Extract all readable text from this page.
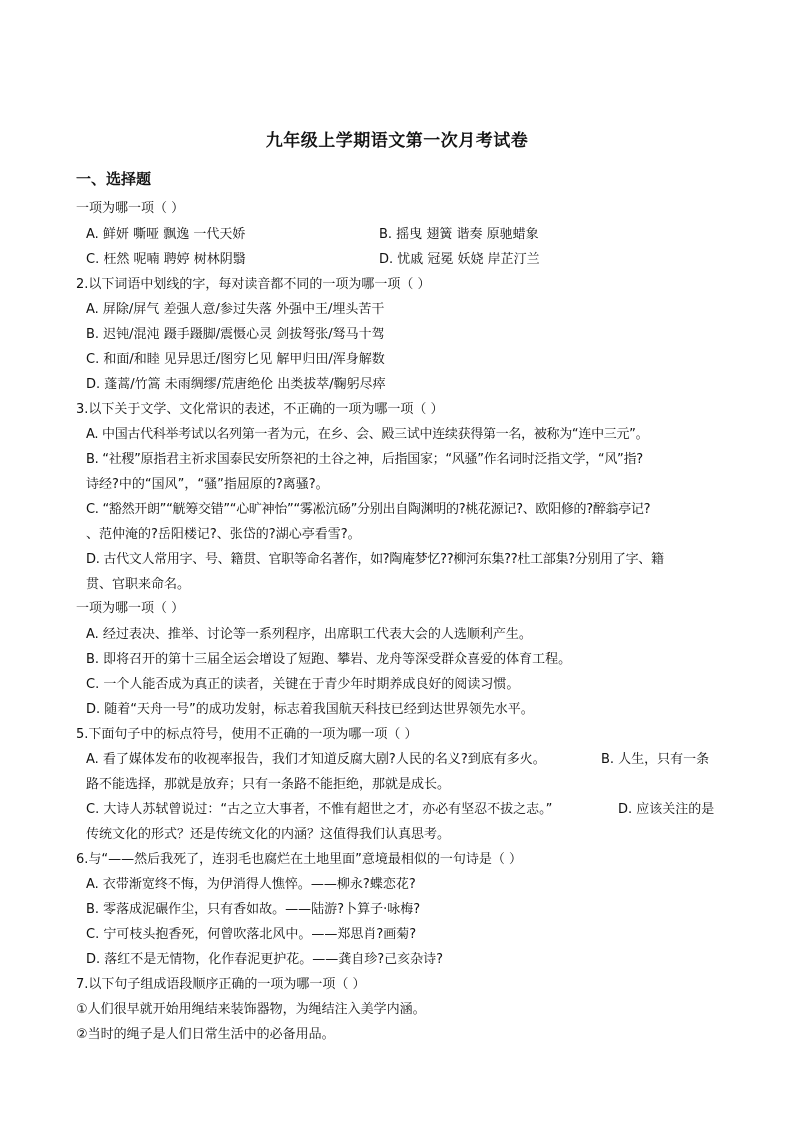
九年级上学期语文第一次月考试卷
一、选择题
一项为哪一项（ ）
A. 鲜妍 嘶哑 飘逸 一代天娇	B. 摇曳 翅簧 谐奏 原驰蜡象
C. 枉然 呢喃 聘婷 树林阴翳	D. 忧戚 冠冕 妖娆 岸芷汀兰
2.以下词语中划线的字，每对读音都不同的一项为哪一项（ ）
A. 屏除/屏气 差强人意/参过失落 外强中王/埋头苦干
B. 迟钝/混沌 蹑手蹑脚/震慑心灵 剑拔弩张/驽马十驾
C. 和面/和睦 见异思迁/图穷匕见 解甲归田/浑身解数
D. 蓬蒿/竹篙 未雨绸缪/荒唐绝伦 出类拔萃/鞠躬尽瘁
3.以下关于文学、文化常识的表述，不正确的一项为哪一项（ ）
A. 中国古代科举考试以名列第一者为元，在乡、会、殿三试中连续获得第一名，被称为“连中三元”。
B. “社稷”原指君主祈求国泰民安所祭祀的土谷之神，后指国家；“风骚”作名词时泛指文学，“风”指?
诗经?中的“国风”，“骚”指屈原的?离骚?。
C. “豁然开朗”“觥筹交错”“心旷神怡”“雾凇沆砀”分别出自陶渊明的?桃花源记?、欧阳修的?醉翁亭记?
、范仲淹的?岳阳楼记?、张岱的?湖心亭看雪?。
D. 古代文人常用字、号、籍贯、官职等命名著作，如?陶庵梦忆??柳河东集??杜工部集?分别用了字、籍
贯、官职来命名。
一项为哪一项（ ）
A. 经过表决、推举、讨论等一系列程序，出席职工代表大会的人选顺利产生。
B. 即将召开的第十三届全运会增设了短跑、攀岩、龙舟等深受群众喜爱的体育工程。
C. 一个人能否成为真正的读者，关键在于青少年时期养成良好的阅读习惯。
D. 随着“天舟一号”的成功发射，标志着我国航天科技已经到达世界领先水平。
5.下面句子中的标点符号，使用不正确的一项为哪一项（ ）
A. 看了媒体发布的收视率报告，我们才知道反腐大剧?人民的名义?到底有多火。	B. 人生，只有一条
路不能选择，那就是放弃；只有一条路不能拒绝，那就是成长。
C. 大诗人苏轼曾说过：“古之立大事者，不惟有超世之才，亦必有坚忍不拔之志。”	D. 应该关注的是
传统文化的形式？还是传统文化的内涵？这值得我们认真思考。
6.与“——然后我死了，连羽毛也腐烂在土地里面”意境最相似的一句诗是（ ）
A. 衣带渐宽终不悔，为伊消得人憔悴。——柳永?蝶恋花?
B. 零落成泥碾作尘，只有香如故。——陆游?卜算子·咏梅?
C. 宁可枝头抱香死，何曾吹落北风中。——郑思肖?画菊?
D. 落红不是无情物，化作春泥更护花。——龚自珍?己亥杂诗?
7.以下句子组成语段顺序正确的一项为哪一项（ ）
①人们很早就开始用绳结来装饰器物，为绳结注入美学内涵。
②当时的绳子是人们日常生活中的必备用品。
